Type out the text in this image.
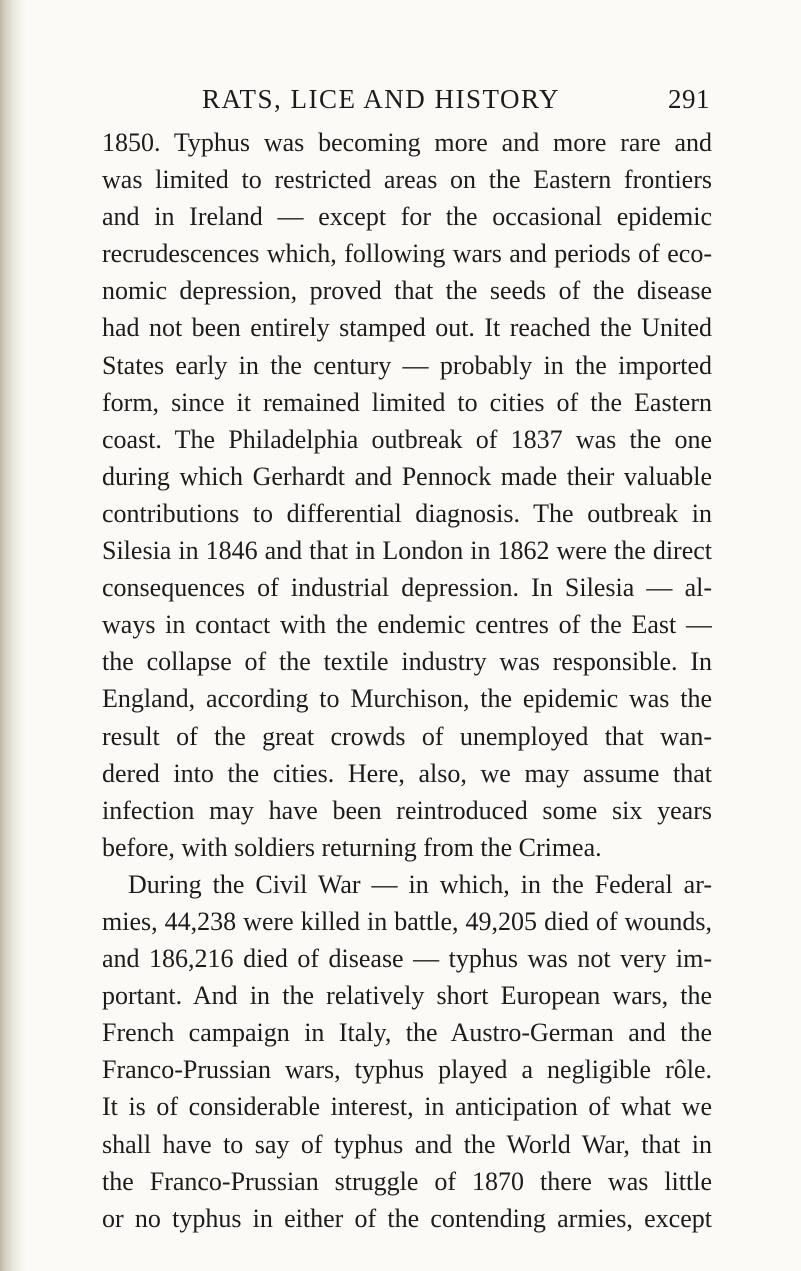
RATS, LICE AND HISTORY	291
1850. Typhus was becoming more and more rare and
was limited to restricted areas on the Eastern frontiers
and in Ireland — except for the occasional epidemic
recrudescences which, following wars and periods of eco-
nomic depression, proved that the seeds of the disease
had not been entirely stamped out. It reached the United
States early in the century — probably in the imported
form, since it remained limited to cities of the Eastern
coast. The Philadelphia outbreak of 1837 was the one
during which Gerhardt and Pennock made their valuable
contributions to differential diagnosis. The outbreak in
Silesia in 1846 and that in London in 1862 were the direct
consequences of industrial depression. In Silesia — al-
ways in contact with the endemic centres of the East —
the collapse of the textile industry was responsible. In
England, according to Murchison, the epidemic was the
result of the great crowds of unemployed that wan-
dered into the cities. Here, also, we may assume that
infection may have been reintroduced some six years
before, with soldiers returning from the Crimea.
During the Civil War — in which, in the Federal ar-
mies, 44,238 were killed in battle, 49,205 died of wounds,
and 186,216 died of disease — typhus was not very im-
portant. And in the relatively short European wars, the
French campaign in Italy, the Austro-German and the
Franco-Prussian wars, typhus played a negligible rôle.
It is of considerable interest, in anticipation of what we
shall have to say of typhus and the World War, that in
the Franco-Prussian struggle of 1870 there was little
or no typhus in either of the contending armies, except
